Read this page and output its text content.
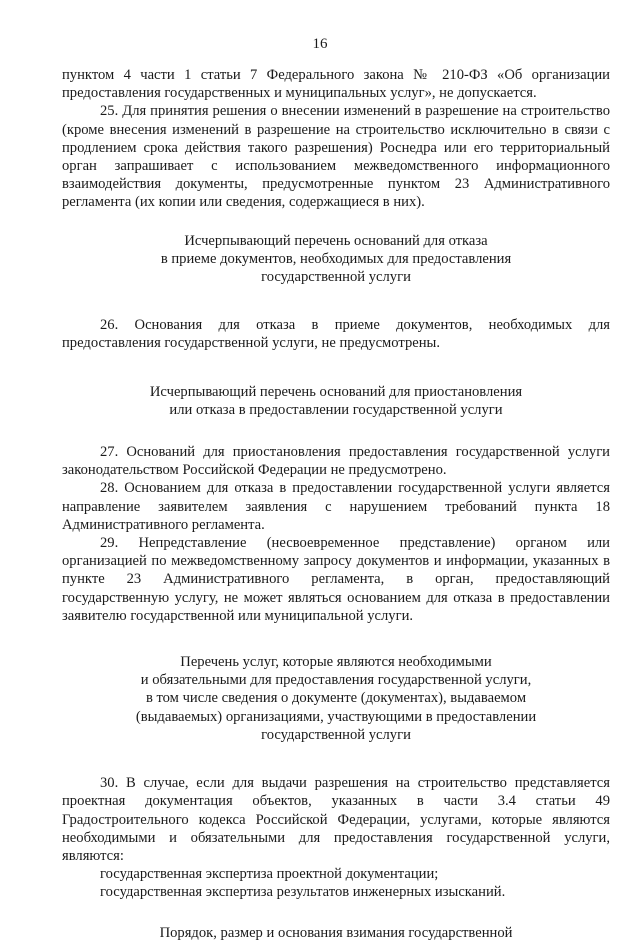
16

пунктом 4 части 1 статьи 7 Федерального закона № 210-ФЗ «Об организации предоставления государственных и муниципальных услуг», не допускается.

25. Для принятия решения о внесении изменений в разрешение на строительство (кроме внесения изменений в разрешение на строительство исключительно в связи с продлением срока действия такого разрешения) Роснедра или его территориальный орган запрашивает с использованием межведомственного информационного взаимодействия документы, предусмотренные пунктом 23 Административного регламента (их копии или сведения, содержащиеся в них).

Исчерпывающий перечень оснований для отказа
в приеме документов, необходимых для предоставления
государственной услуги

26. Основания для отказа в приеме документов, необходимых для предоставления государственной услуги, не предусмотрены.

Исчерпывающий перечень оснований для приостановления
или отказа в предоставлении государственной услуги

27. Оснований для приостановления предоставления государственной услуги законодательством Российской Федерации не предусмотрено.

28. Основанием для отказа в предоставлении государственной услуги является направление заявителем заявления с нарушением требований пункта 18 Административного регламента.

29. Непредставление (несвоевременное представление) органом или организацией по межведомственному запросу документов и информации, указанных в пункте 23 Административного регламента, в орган, предоставляющий государственную услугу, не может являться основанием для отказа в предоставлении заявителю государственной или муниципальной услуги.

Перечень услуг, которые являются необходимыми
и обязательными для предоставления государственной услуги,
в том числе сведения о документе (документах), выдаваемом
(выдаваемых) организациями, участвующими в предоставлении
государственной услуги

30. В случае, если для выдачи разрешения на строительство представляется проектная документация объектов, указанных в части 3.4 статьи 49 Градостроительного кодекса Российской Федерации, услугами, которые являются необходимыми и обязательными для предоставления государственной услуги, являются:

государственная экспертиза проектной документации;

государственная экспертиза результатов инженерных изысканий.

Порядок, размер и основания взимания государственной
